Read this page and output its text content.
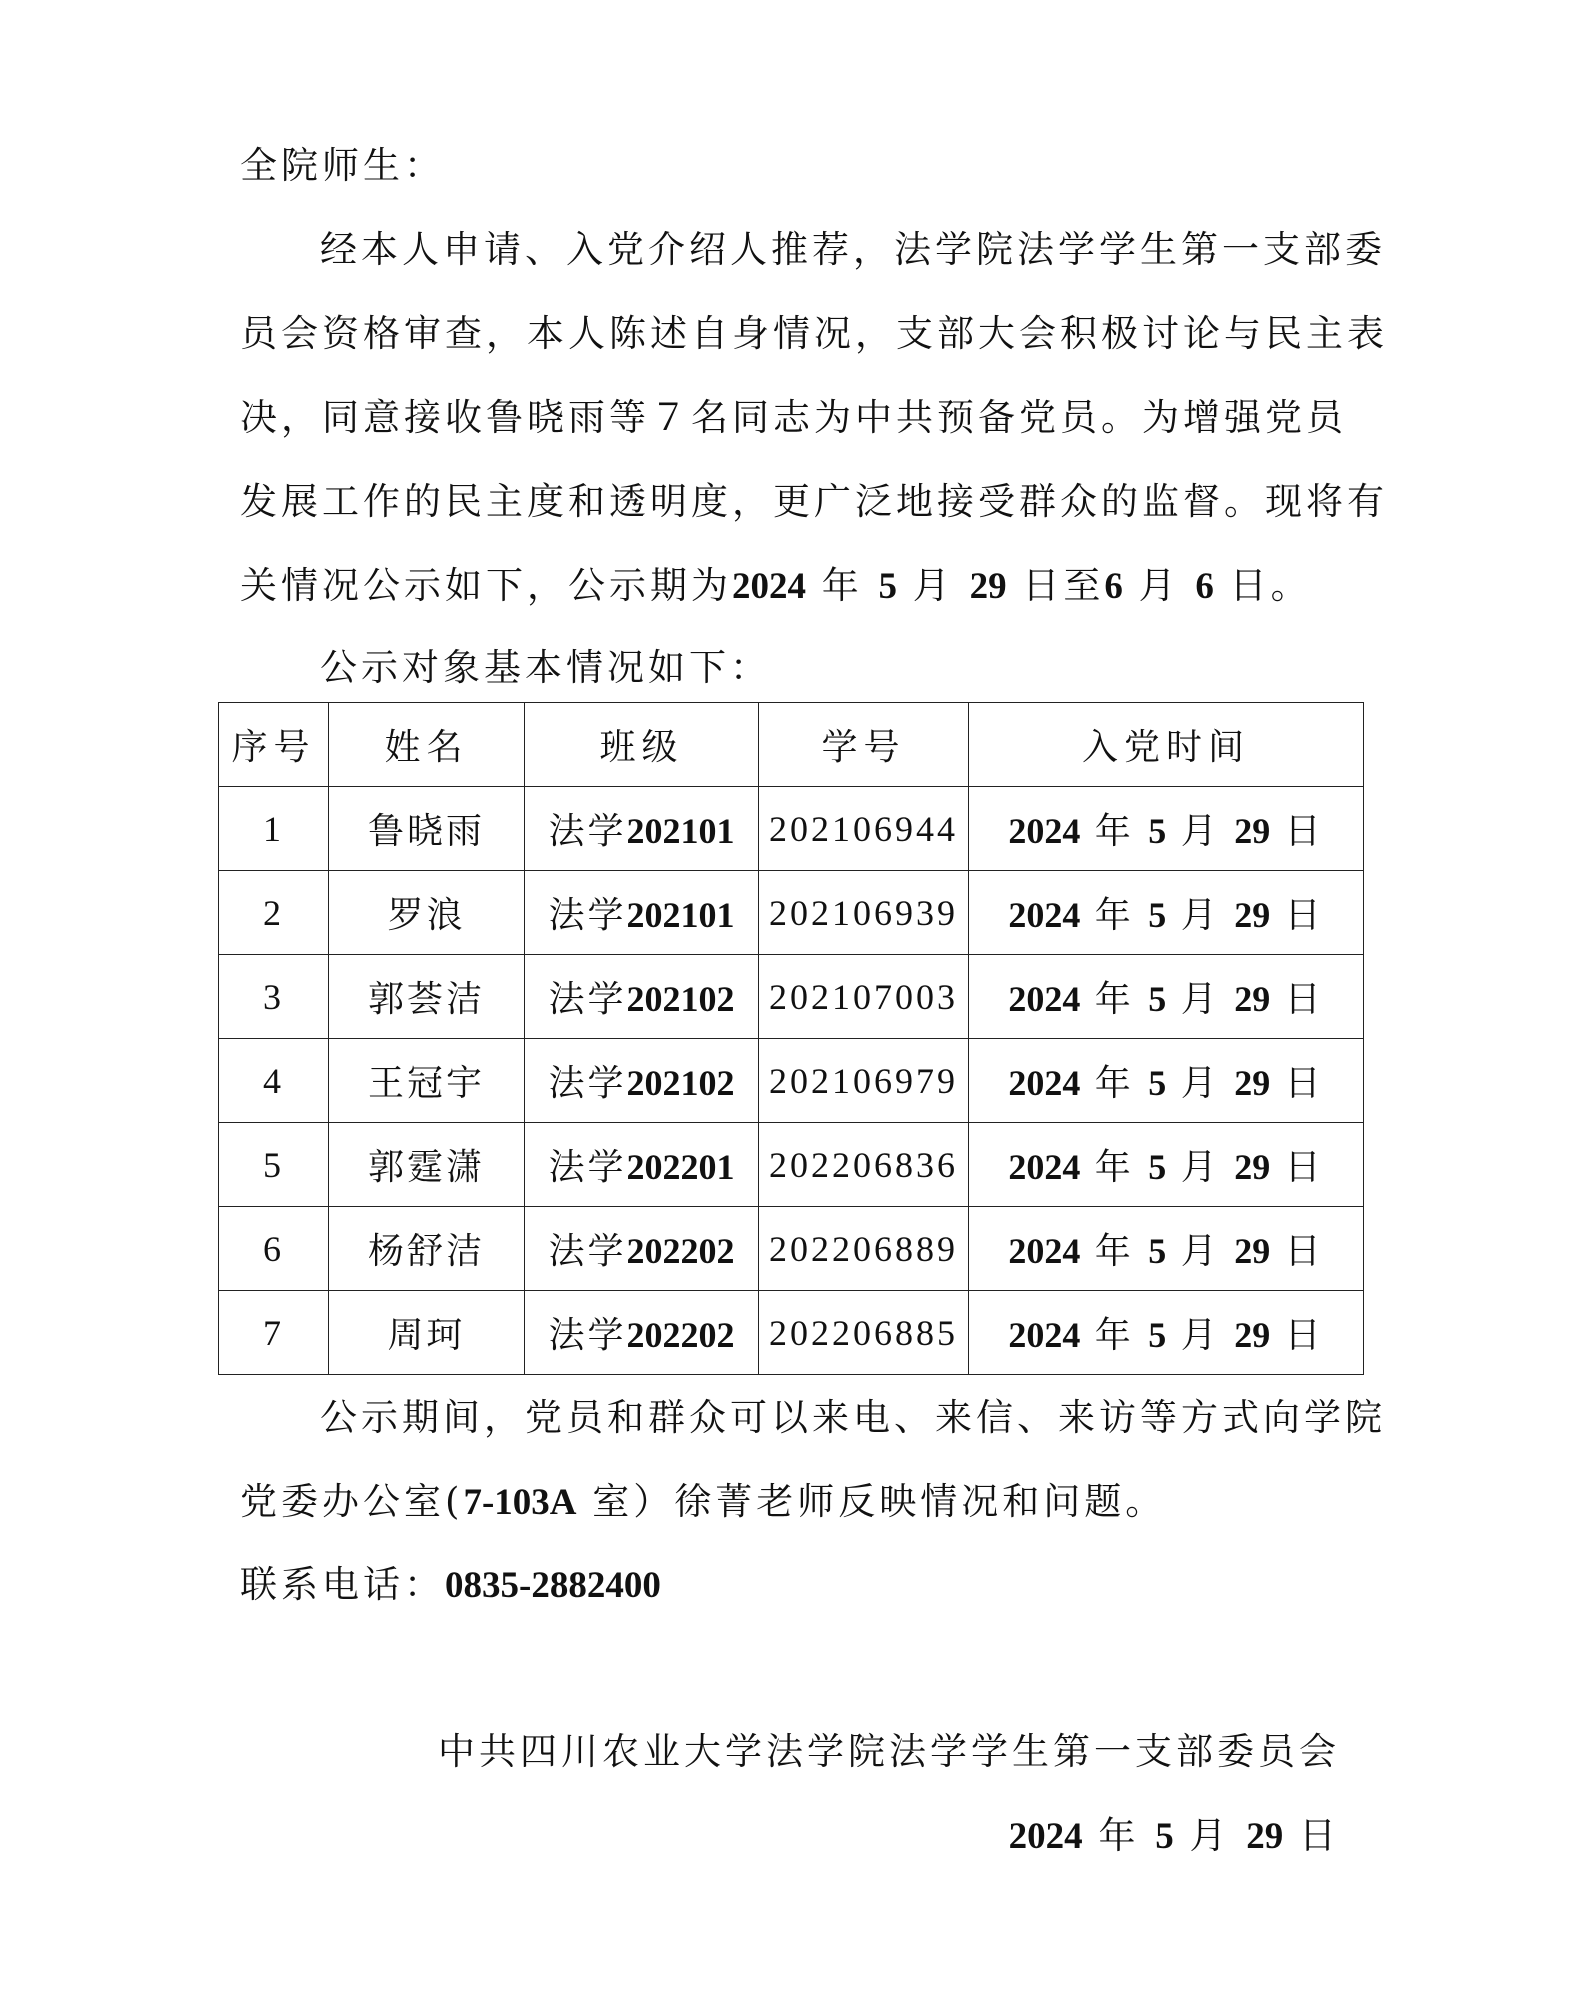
全院师生：
经本人申请、入党介绍人推荐，法学院法学学生第一支部委
员会资格审查，本人陈述自身情况，支部大会积极讨论与民主表
决，同意接收鲁晓雨等７名同志为中共预备党员。为增强党员
发展工作的民主度和透明度，更广泛地接受群众的监督。现将有
关情况公示如下，公示期为2024 年 5 月 29 日至6 月 6 日。
公示对象基本情况如下：
序号	姓名	班级	学号	入党时间
1	鲁晓雨	法学202101	202106944	2024 年 5 月 29 日
2	罗浪	法学202101	202106939	2024 年 5 月 29 日
3	郭荟洁	法学202102	202107003	2024 年 5 月 29 日
4	王冠宇	法学202102	202106979	2024 年 5 月 29 日
5	郭霆潇	法学202201	202206836	2024 年 5 月 29 日
6	杨舒洁	法学202202	202206889	2024 年 5 月 29 日
7	周珂	法学202202	202206885	2024 年 5 月 29 日
公示期间，党员和群众可以来电、来信、来访等方式向学院
党委办公室(7-103A 室）徐菁老师反映情况和问题。
联系电话：0835-2882400
中共四川农业大学法学院法学学生第一支部委员会
2024 年 5 月 29 日
